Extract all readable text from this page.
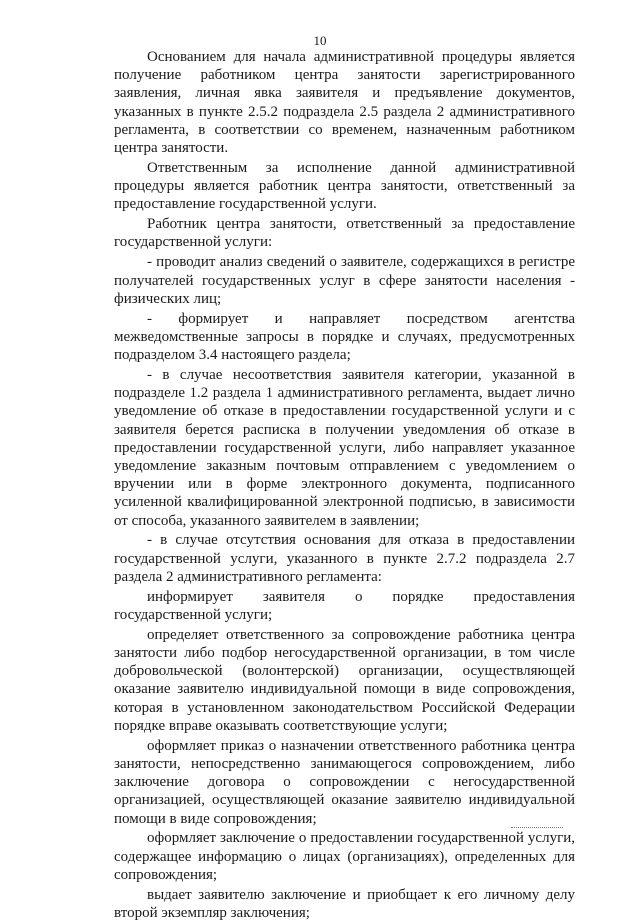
10

Основанием для начала административной процедуры является получение работником центра занятости зарегистрированного заявления, личная явка заявителя и предъявление документов, указанных в пункте 2.5.2 подраздела 2.5 раздела 2 административного регламента, в соответствии со временем, назначенным работником центра занятости.

Ответственным за исполнение данной административной процедуры является работник центра занятости, ответственный за предоставление государственной услуги.

Работник центра занятости, ответственный за предоставление государственной услуги:

- проводит анализ сведений о заявителе, содержащихся в регистре получателей государственных услуг в сфере занятости населения - физических лиц;

- формирует и направляет посредством агентства межведомственные запросы в порядке и случаях, предусмотренных подразделом 3.4 настоящего раздела;

- в случае несоответствия заявителя категории, указанной в подразделе 1.2 раздела 1 административного регламента, выдает лично уведомление об отказе в предоставлении государственной услуги и с заявителя берется расписка в получении уведомления об отказе в предоставлении государственной услуги, либо направляет указанное уведомление заказным почтовым отправлением с уведомлением о вручении или в форме электронного документа, подписанного усиленной квалифицированной электронной подписью, в зависимости от способа, указанного заявителем в заявлении;

- в случае отсутствия основания для отказа в предоставлении государственной услуги, указанного в пункте 2.7.2 подраздела 2.7 раздела 2 административного регламента:

информирует заявителя о порядке предоставления государственной услуги;

определяет ответственного за сопровождение работника центра занятости либо подбор негосударственной организации, в том числе добровольческой (волонтерской) организации, осуществляющей оказание заявителю индивидуальной помощи в виде сопровождения, которая в установленном законодательством Российской Федерации порядке вправе оказывать соответствующие услуги;

оформляет приказ о назначении ответственного работника центра занятости, непосредственно занимающегося сопровождением, либо заключение договора о сопровождении с негосударственной организацией, осуществляющей оказание заявителю индивидуальной помощи в виде сопровождения;

оформляет заключение о предоставлении государственной услуги, содержащее информацию о лицах (организациях), определенных для сопровождения;

выдает заявителю заключение и приобщает к его личному делу второй экземпляр заключения;
